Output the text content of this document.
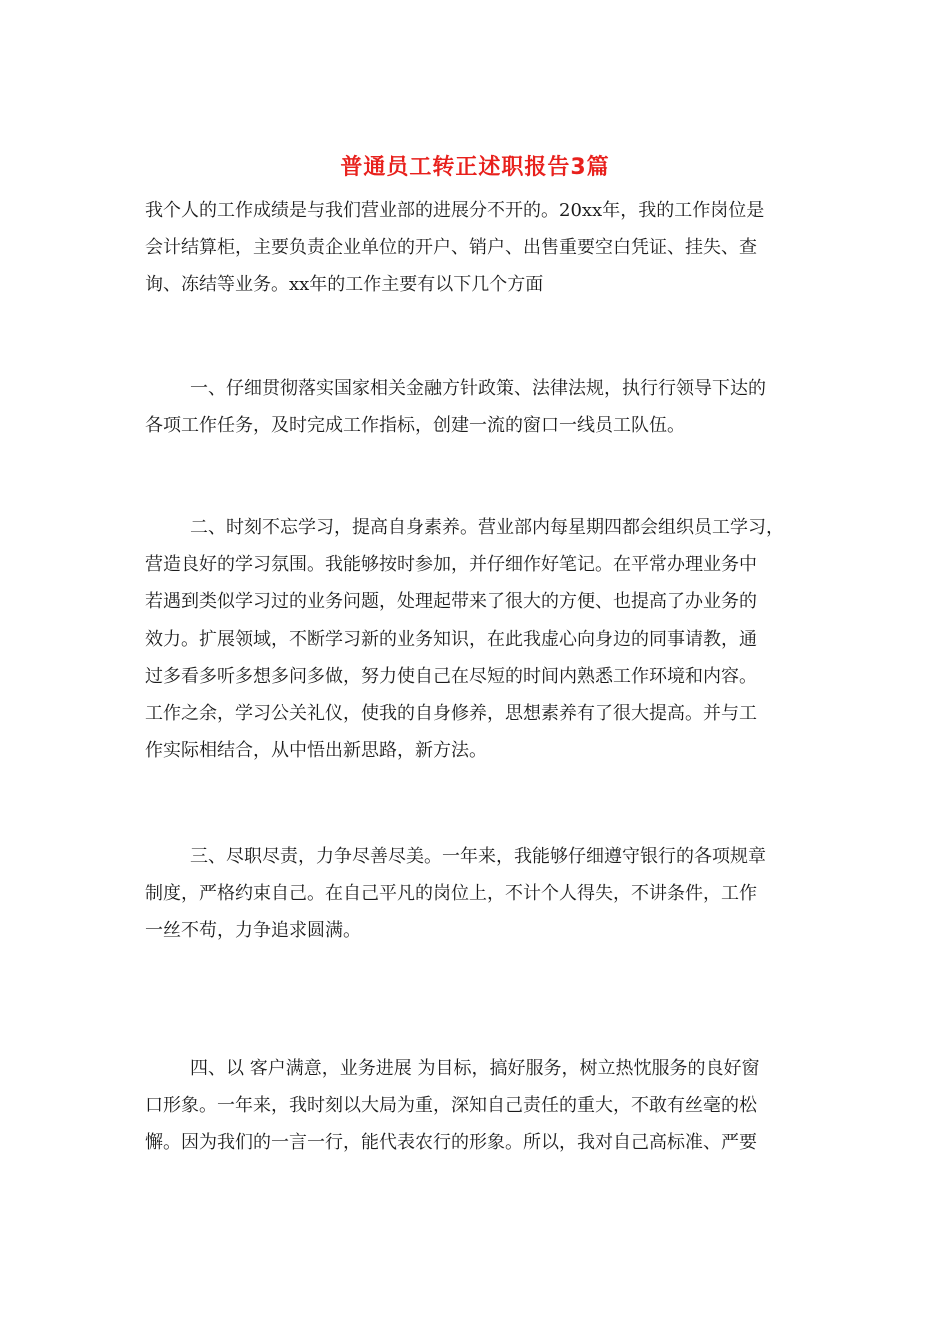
普通员工转正述职报告3篇
我个人的工作成绩是与我们营业部的进展分不开的。20xx年，我的工作岗位是
会计结算柜，主要负责企业单位的开户、销户、出售重要空白凭证、挂失、查
询、冻结等业务。xx年的工作主要有以下几个方面
一、仔细贯彻落实国家相关金融方针政策、法律法规，执行行领导下达的
各项工作任务，及时完成工作指标，创建一流的窗口一线员工队伍。
二、时刻不忘学习，提高自身素养。营业部内每星期四都会组织员工学习，
营造良好的学习氛围。我能够按时参加，并仔细作好笔记。在平常办理业务中
若遇到类似学习过的业务问题，处理起带来了很大的方便、也提高了办业务的
效力。扩展领域，不断学习新的业务知识，在此我虚心向身边的同事请教，通
过多看多听多想多问多做，努力使自己在尽短的时间内熟悉工作环境和内容。
工作之余，学习公关礼仪，使我的自身修养，思想素养有了很大提高。并与工
作实际相结合，从中悟出新思路，新方法。
三、尽职尽责，力争尽善尽美。一年来，我能够仔细遵守银行的各项规章
制度，严格约束自己。在自己平凡的岗位上，不计个人得失，不讲条件，工作
一丝不苟，力争追求圆满。
四、以 客户满意，业务进展 为目标，搞好服务，树立热忱服务的良好窗
口形象。一年来，我时刻以大局为重，深知自己责任的重大，不敢有丝毫的松
懈。因为我们的一言一行，能代表农行的形象。所以，我对自己高标准、严要
